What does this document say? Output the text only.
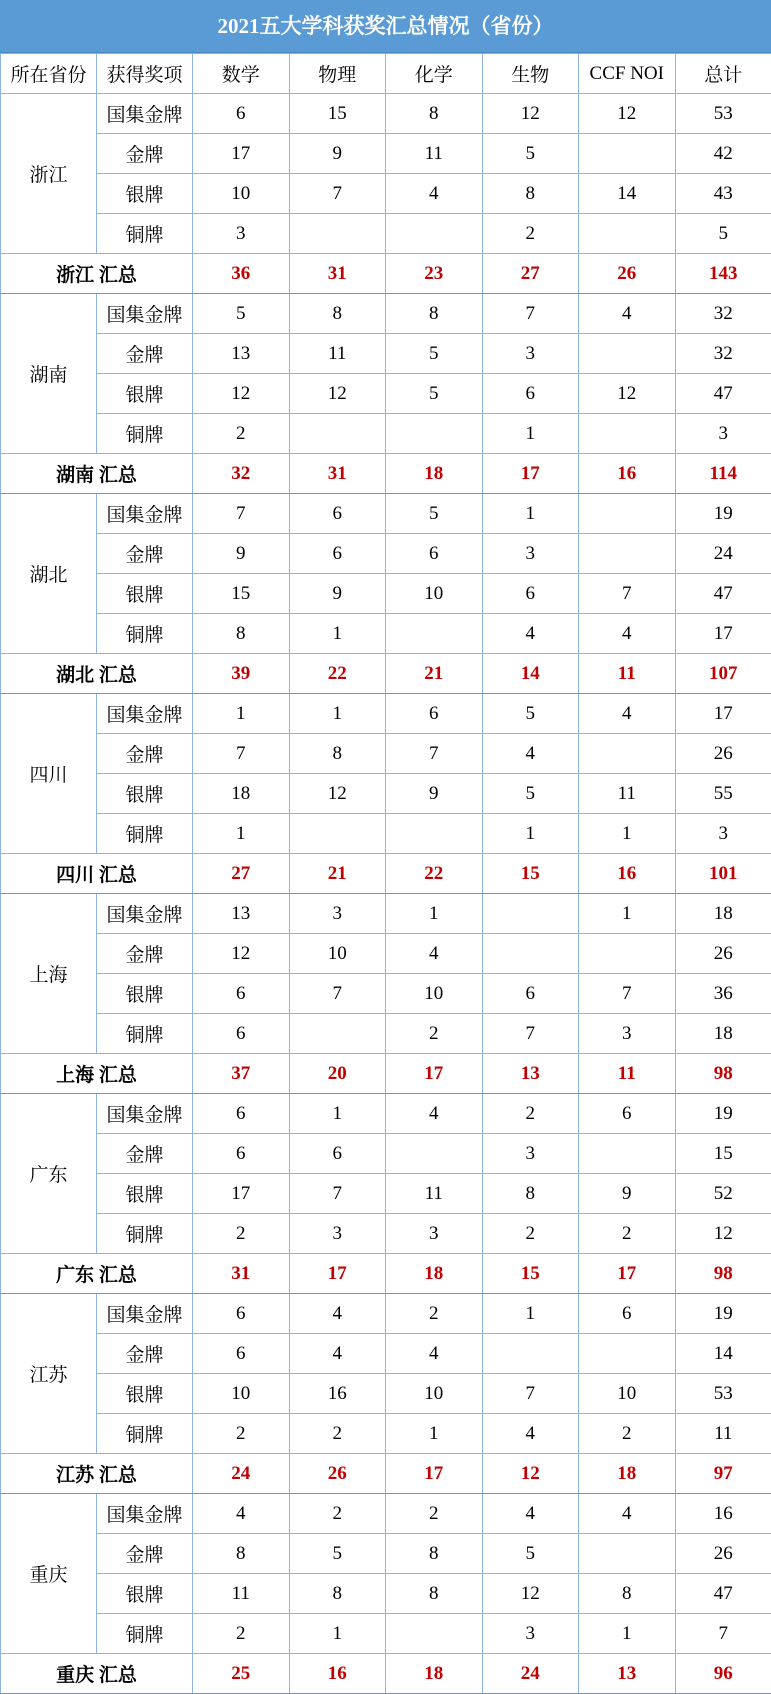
2021五大学科获奖汇总情况（省份）
所在省份	获得奖项	数学	物理	化学	生物	CCF NOI	总计
浙江	国集金牌	6	15	8	12	12	53
	金牌	17	9	11	5		42
	银牌	10	7	4	8	14	43
	铜牌	3			2		5
浙江 汇总		36	31	23	27	26	143
湖南	国集金牌	5	8	8	7	4	32
	金牌	13	11	5	3		32
	银牌	12	12	5	6	12	47
	铜牌	2			1		3
湖南 汇总		32	31	18	17	16	114
湖北	国集金牌	7	6	5	1		19
	金牌	9	6	6	3		24
	银牌	15	9	10	6	7	47
	铜牌	8	1		4	4	17
湖北 汇总		39	22	21	14	11	107
四川	国集金牌	1	1	6	5	4	17
	金牌	7	8	7	4		26
	银牌	18	12	9	5	11	55
	铜牌	1			1	1	3
四川 汇总		27	21	22	15	16	101
上海	国集金牌	13	3	1		1	18
	金牌	12	10	4			26
	银牌	6	7	10	6	7	36
	铜牌	6		2	7	3	18
上海 汇总		37	20	17	13	11	98
广东	国集金牌	6	1	4	2	6	19
	金牌	6	6		3		15
	银牌	17	7	11	8	9	52
	铜牌	2	3	3	2	2	12
广东 汇总		31	17	18	15	17	98
江苏	国集金牌	6	4	2	1	6	19
	金牌	6	4	4			14
	银牌	10	16	10	7	10	53
	铜牌	2	2	1	4	2	11
江苏 汇总		24	26	17	12	18	97
重庆	国集金牌	4	2	2	4	4	16
	金牌	8	5	8	5		26
	银牌	11	8	8	12	8	47
	铜牌	2	1		3	1	7
重庆 汇总		25	16	18	24	13	96
